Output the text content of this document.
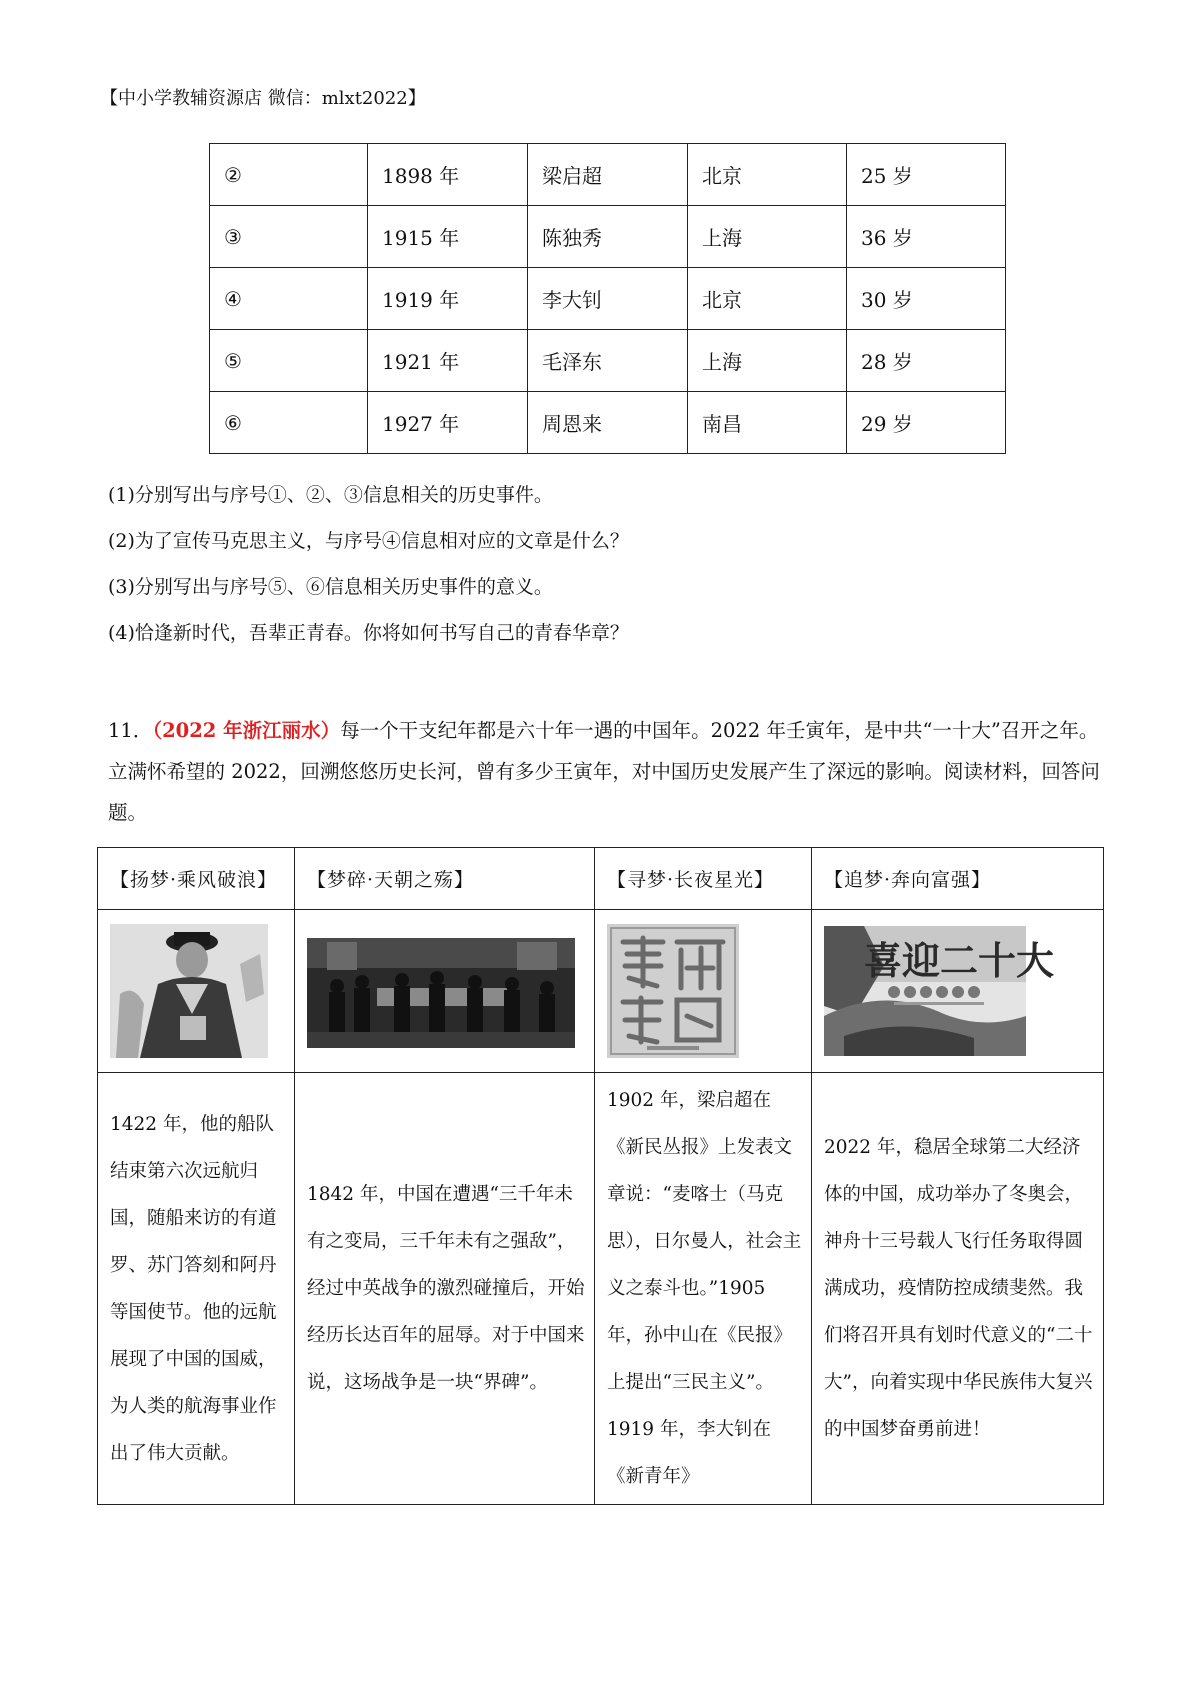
【中小学教辅资源店 微信：mlxt2022】
②	1898 年	梁启超	北京	25 岁
③	1915 年	陈独秀	上海	36 岁
④	1919 年	李大钊	北京	30 岁
⑤	1921 年	毛泽东	上海	28 岁
⑥	1927 年	周恩来	南昌	29 岁
(1)分别写出与序号①、②、③信息相关的历史事件。
(2)为了宣传马克思主义，与序号④信息相对应的文章是什么？
(3)分别写出与序号⑤、⑥信息相关历史事件的意义。
(4)恰逢新时代，吾辈正青春。你将如何书写自己的青春华章？
11．（2022 年浙江丽水）每一个干支纪年都是六十年一遇的中国年。2022 年壬寅年，是中共“一十大”召开之年。立满怀希望的 2022，回溯悠悠历史长河，曾有多少王寅年，对中国历史发展产生了深远的影响。阅读材料，回答问题。
【扬梦·乘风破浪】	【梦碎·天朝之殇】	【寻梦·长夜星光】	【追梦·奔向富强】

喜迎二十大

1422 年，他的船队结束第六次远航归国，随船来访的有道罗、苏门答刻和阿丹等国使节。他的远航展现了中国的国威，为人类的航海事业作出了伟大贡献。	1842 年，中国在遭遇“三千年未有之变局，三千年未有之强敌”，经过中英战争的激烈碰撞后，开始经历长达百年的屈辱。对于中国来说，这场战争是一块“界碑”。	1902 年，梁启超在《新民丛报》上发表文章说：“麦喀士（马克思），日尔曼人，社会主义之泰斗也。”1905 年，孙中山在《民报》上提出“三民主义”。1919 年，李大钊在《新青年》	2022 年，稳居全球第二大经济体的中国，成功举办了冬奥会，神舟十三号载人飞行任务取得圆满成功，疫情防控成绩斐然。我们将召开具有划时代意义的“二十大”，向着实现中华民族伟大复兴的中国梦奋勇前进！
